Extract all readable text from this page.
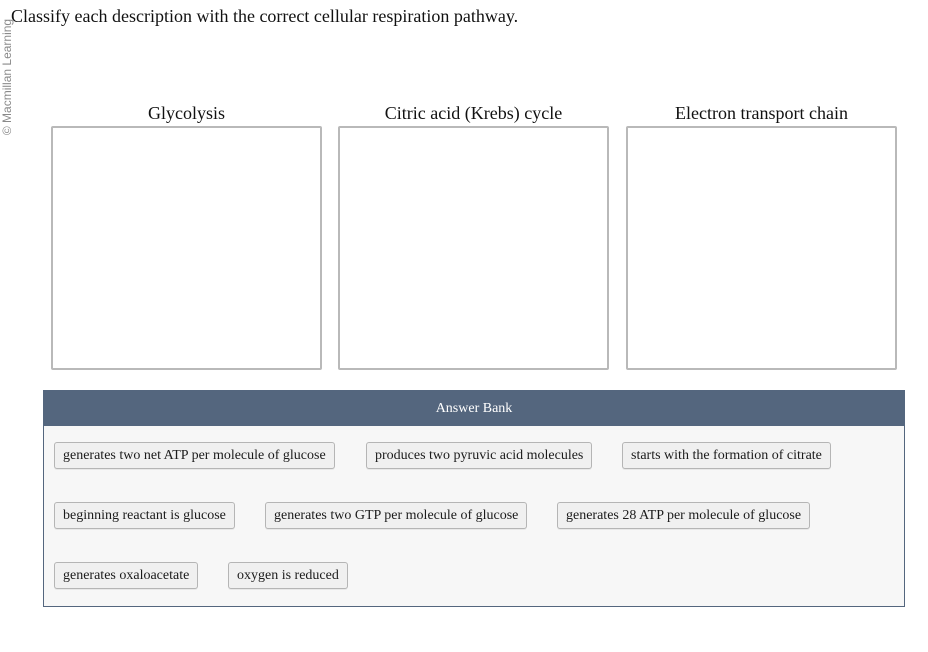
© Macmillan Learning
Classify each description with the correct cellular respiration pathway.
Glycolysis	Citric acid (Krebs) cycle	Electron transport chain
Answer Bank
generates two net ATP per molecule of glucose	produces two pyruvic acid molecules	starts with the formation of citrate
beginning reactant is glucose	generates two GTP per molecule of glucose	generates 28 ATP per molecule of glucose
generates oxaloacetate	oxygen is reduced
